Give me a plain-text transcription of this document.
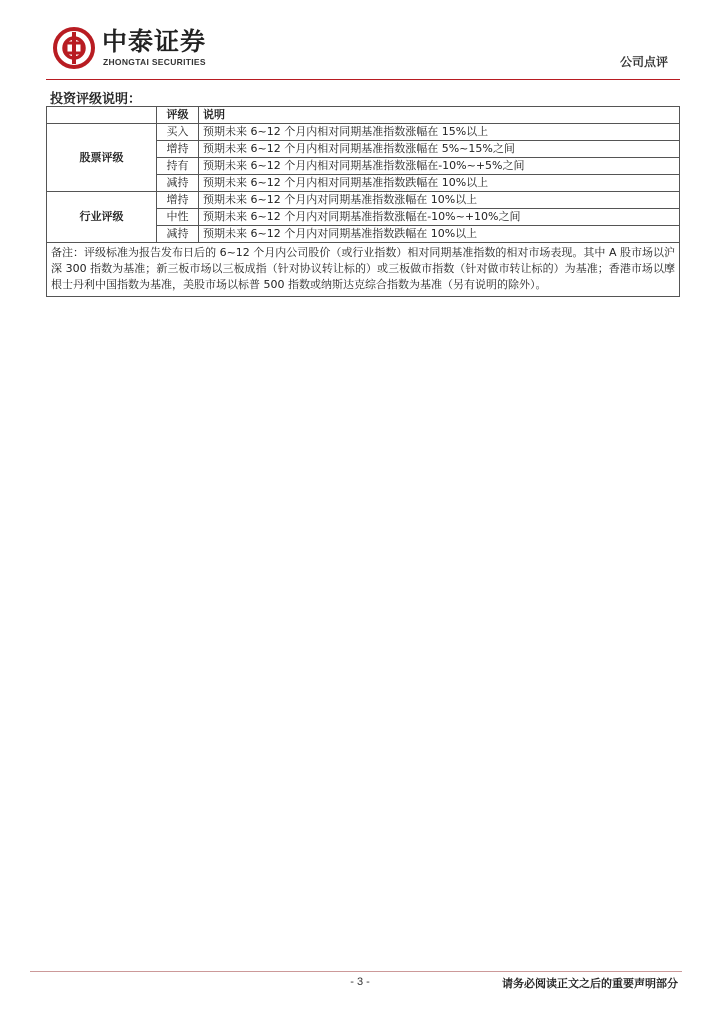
中泰证券
ZHONGTAI SECURITIES	公司点评
投资评级说明：
	评级	说明
股票评级	买入	预期未来 6~12 个月内相对同期基准指数涨幅在 15%以上
	增持	预期未来 6~12 个月内相对同期基准指数涨幅在 5%~15%之间
	持有	预期未来 6~12 个月内相对同期基准指数涨幅在-10%~+5%之间
	减持	预期未来 6~12 个月内相对同期基准指数跌幅在 10%以上
行业评级	增持	预期未来 6~12 个月内对同期基准指数涨幅在 10%以上
	中性	预期未来 6~12 个月内对同期基准指数涨幅在-10%~+10%之间
	减持	预期未来 6~12 个月内对同期基准指数跌幅在 10%以上
备注：评级标准为报告发布日后的 6~12 个月内公司股价（或行业指数）相对同期基准指数的相对市场表现。其中 A 股市场以沪深 300 指数为基准；新三板市场以三板成指（针对协议转让标的）或三板做市指数（针对做市转让标的）为基准；香港市场以摩根士丹利中国指数为基准，美股市场以标普 500 指数或纳斯达克综合指数为基准（另有说明的除外）。		
- 3 -	请务必阅读正文之后的重要声明部分
